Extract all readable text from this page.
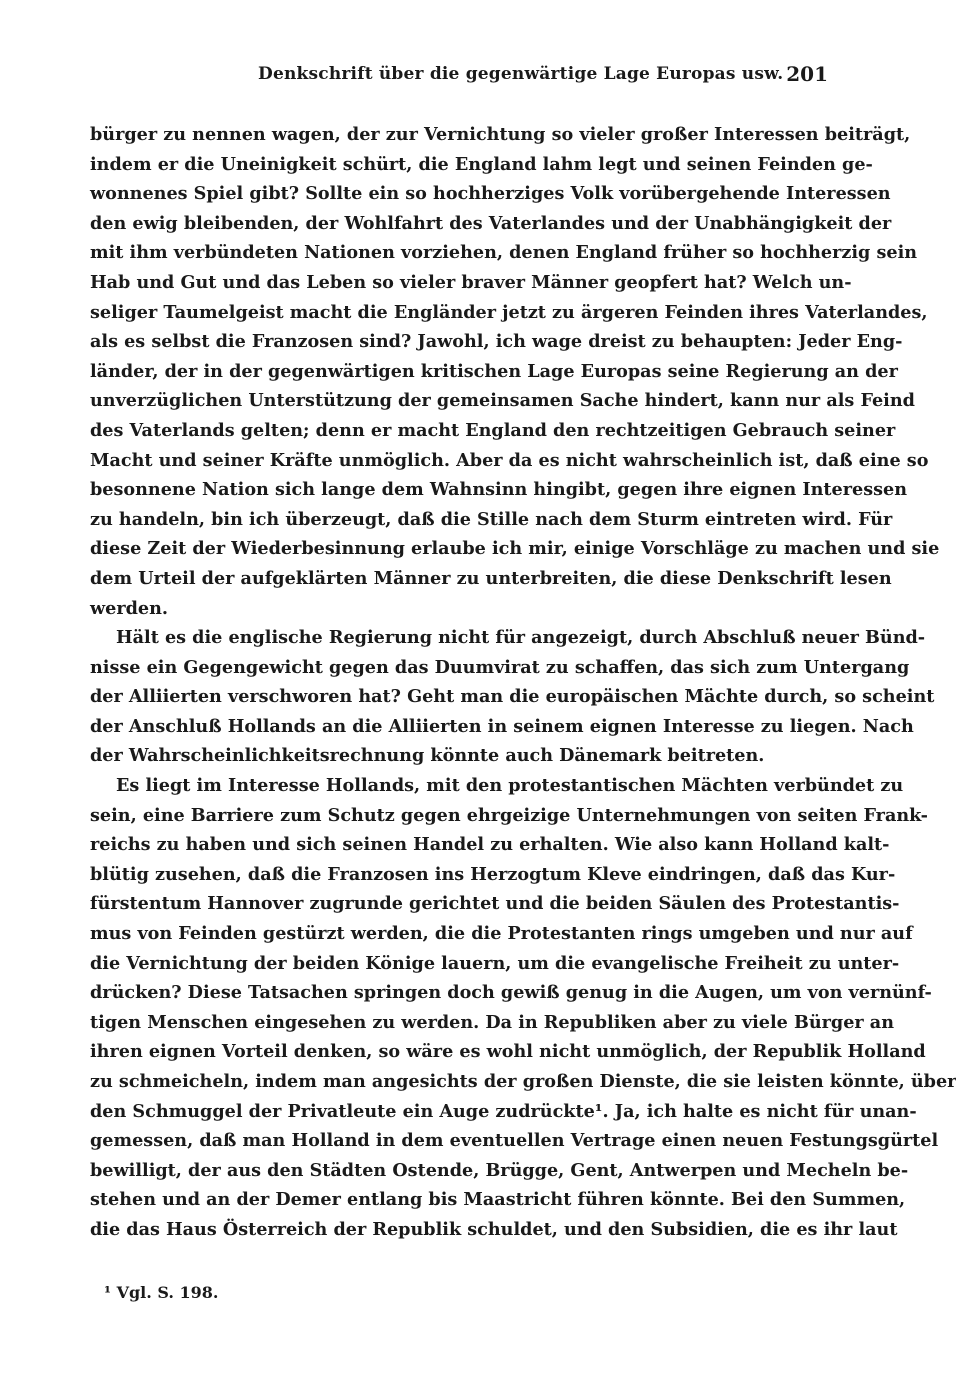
Denkschrift über die gegenwärtige Lage Europas usw. 201
bürger zu nennen wagen, der zur Vernichtung so vieler großer Interessen beiträgt,
indem er die Uneinigkeit schürt, die England lahm legt und seinen Feinden ge-
wonnenes Spiel gibt? Sollte ein so hochherziges Volk vorübergehende Interessen
den ewig bleibenden, der Wohlfahrt des Vaterlandes und der Unabhängigkeit der
mit ihm verbündeten Nationen vorziehen, denen England früher so hochherzig sein
Hab und Gut und das Leben so vieler braver Männer geopfert hat? Welch un-
seliger Taumelgeist macht die Engländer jetzt zu ärgeren Feinden ihres Vaterlandes,
als es selbst die Franzosen sind? Jawohl, ich wage dreist zu behaupten: Jeder Eng-
länder, der in der gegenwärtigen kritischen Lage Europas seine Regierung an der
unverzüglichen Unterstützung der gemeinsamen Sache hindert, kann nur als Feind
des Vaterlands gelten; denn er macht England den rechtzeitigen Gebrauch seiner
Macht und seiner Kräfte unmöglich. Aber da es nicht wahrscheinlich ist, daß eine so
besonnene Nation sich lange dem Wahnsinn hingibt, gegen ihre eignen Interessen
zu handeln, bin ich überzeugt, daß die Stille nach dem Sturm eintreten wird. Für
diese Zeit der Wiederbesinnung erlaube ich mir, einige Vorschläge zu machen und sie
dem Urteil der aufgeklärten Männer zu unterbreiten, die diese Denkschrift lesen
werden.
Hält es die englische Regierung nicht für angezeigt, durch Abschluß neuer Bünd-
nisse ein Gegengewicht gegen das Duumvirat zu schaffen, das sich zum Untergang
der Alliierten verschworen hat? Geht man die europäischen Mächte durch, so scheint
der Anschluß Hollands an die Alliierten in seinem eignen Interesse zu liegen. Nach
der Wahrscheinlichkeitsrechnung könnte auch Dänemark beitreten.
Es liegt im Interesse Hollands, mit den protestantischen Mächten verbündet zu
sein, eine Barriere zum Schutz gegen ehrgeizige Unternehmungen von seiten Frank-
reichs zu haben und sich seinen Handel zu erhalten. Wie also kann Holland kalt-
blütig zusehen, daß die Franzosen ins Herzogtum Kleve eindringen, daß das Kur-
fürstentum Hannover zugrunde gerichtet und die beiden Säulen des Protestantis-
mus von Feinden gestürzt werden, die die Protestanten rings umgeben und nur auf
die Vernichtung der beiden Könige lauern, um die evangelische Freiheit zu unter-
drücken? Diese Tatsachen springen doch gewiß genug in die Augen, um von vernünf-
tigen Menschen eingesehen zu werden. Da in Republiken aber zu viele Bürger an
ihren eignen Vorteil denken, so wäre es wohl nicht unmöglich, der Republik Holland
zu schmeicheln, indem man angesichts der großen Dienste, die sie leisten könnte, über
den Schmuggel der Privatleute ein Auge zudrückte¹. Ja, ich halte es nicht für unan-
gemessen, daß man Holland in dem eventuellen Vertrage einen neuen Festungsgürtel
bewilligt, der aus den Städten Ostende, Brügge, Gent, Antwerpen und Mecheln be-
stehen und an der Demer entlang bis Maastricht führen könnte. Bei den Summen,
die das Haus Österreich der Republik schuldet, und den Subsidien, die es ihr laut
¹ Vgl. S. 198.
